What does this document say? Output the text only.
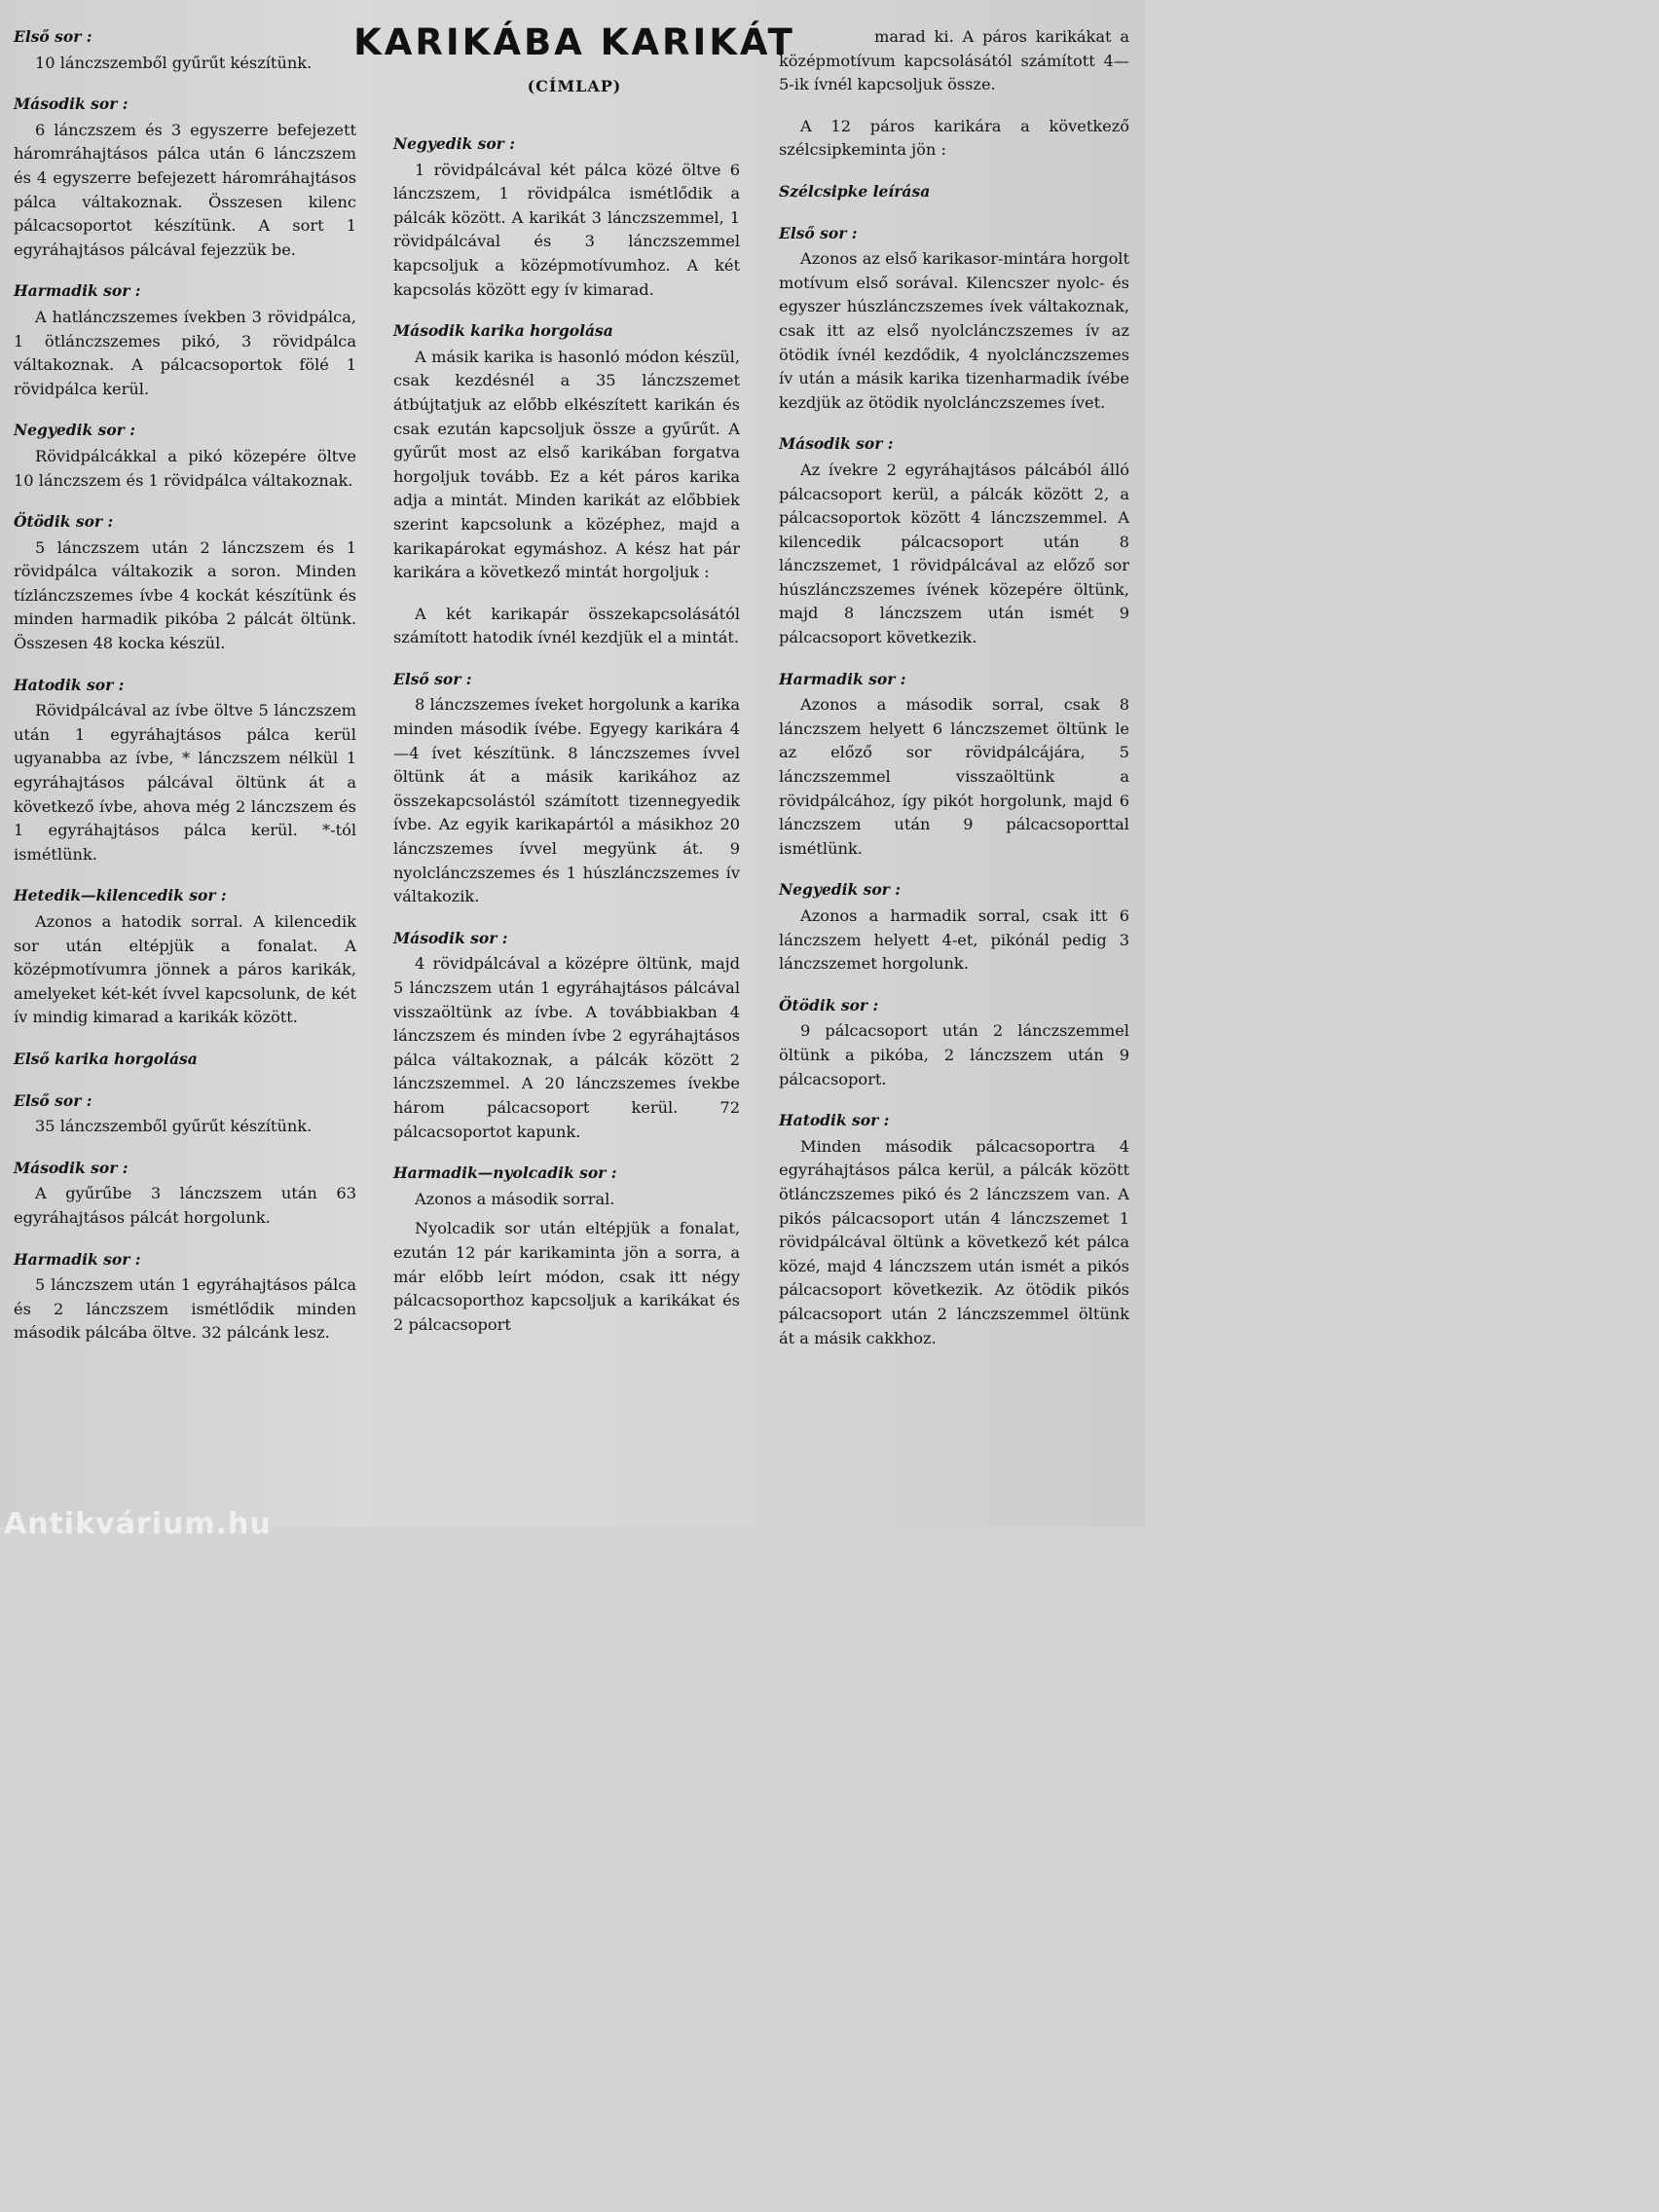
KARIKÁBA KARIKÁT
(CÍMLAP)
Első sor :
10 lánczszemből gyűrűt készítünk.
Második sor :
6 lánczszem és 3 egyszerre befejezett háromráhajtásos pálca után 6 lánczszem és 4 egyszerre befejezett háromráhajtásos pálca váltakoznak. Összesen kilenc pálcacsoportot készítünk. A sort 1 egyráhajtásos pálcával fejezzük be.
Harmadik sor :
A hatlánczszemes ívekben 3 rövidpálca, 1 ötlánczszemes pikó, 3 rövidpálca váltakoznak. A pálcacsoportok fölé 1 rövidpálca kerül.
Negyedik sor :
Rövidpálcákkal a pikó közepére öltve 10 lánczszem és 1 rövidpálca váltakoznak.
Ötödik sor :
5 lánczszem után 2 lánczszem és 1 rövidpálca váltakozik a soron. Minden tízlánczszemes ívbe 4 kockát készítünk és minden harmadik pikóba 2 pálcát öltünk. Összesen 48 kocka készül.
Hatodik sor :
Rövidpálcával az ívbe öltve 5 lánczszem után 1 egyráhajtásos pálca kerül ugyanabba az ívbe, * lánczszem nélkül 1 egyráhajtásos pálcával öltünk át a következő ívbe, ahova még 2 lánczszem és 1 egyráhajtásos pálca kerül. *-tól ismétlünk.
Hetedik—kilencedik sor :
Azonos a hatodik sorral. A kilencedik sor után eltépjük a fonalat. A középmotívumra jönnek a páros karikák, amelyeket két-két ívvel kapcsolunk, de két ív mindig kimarad a karikák között.
Első karika horgolása
Első sor :
35 lánczszemből gyűrűt készítünk.
Második sor :
A gyűrűbe 3 lánczszem után 63 egyráhajtásos pálcát horgolunk.
Harmadik sor :
5 lánczszem után 1 egyráhajtásos pálca és 2 lánczszem ismétlődik minden második pálcába öltve. 32 pálcánk lesz.
Negyedik sor :
1 rövidpálcával két pálca közé öltve 6 lánczszem, 1 rövidpálca ismétlődik a pálcák között. A karikát 3 lánczszemmel, 1 rövidpálcával és 3 lánczszemmel kapcsoljuk a középmotívumhoz. A két kapcsolás között egy ív kimarad.
Második karika horgolása
A másik karika is hasonló módon készül, csak kezdésnél a 35 lánczszemet átbújtatjuk az előbb elkészített karikán és csak ezután kapcsoljuk össze a gyűrűt. A gyűrűt most az első karikában forgatva horgoljuk tovább. Ez a két páros karika adja a mintát. Minden karikát az előbbiek szerint kapcsolunk a középhez, majd a karikapárokat egymáshoz. A kész hat pár karikára a következő mintát horgoljuk :
A két karikapár összekapcsolásától számított hatodik ívnél kezdjük el a mintát.
Első sor :
8 lánczszemes íveket horgolunk a karika minden második ívébe. Egyegy karikára 4—4 ívet készítünk. 8 lánczszemes ívvel öltünk át a másik karikához az összekapcsolástól számított tizennegyedik ívbe. Az egyik karikapártól a másikhoz 20 lánczszemes ívvel megyünk át. 9 nyolclánczszemes és 1 húszlánczszemes ív váltakozik.
Második sor :
4 rövidpálcával a középre öltünk, majd 5 lánczszem után 1 egyráhajtásos pálcával visszaöltünk az ívbe. A továbbiakban 4 lánczszem és minden ívbe 2 egyráhajtásos pálca váltakoznak, a pálcák között 2 lánczszemmel. A 20 lánczszemes ívekbe három pálcacsoport kerül. 72 pálcacsoportot kapunk.
Harmadik—nyolcadik sor :
Azonos a második sorral.
Nyolcadik sor után eltépjük a fonalat, ezután 12 pár karikaminta jön a sorra, a már előbb leírt módon, csak itt négy pálcacsoporthoz kapcsoljuk a karikákat és 2 pálcacsoport
marad ki. A páros karikákat a középmotívum kapcsolásától számított 4—5-ik ívnél kapcsoljuk össze.
A 12 páros karikára a következő szélcsipkeminta jön :
Szélcsipke leírása
Első sor :
Azonos az első karikasor-mintára horgolt motívum első sorával. Kilencszer nyolc- és egyszer húszlánczszemes ívek váltakoznak, csak itt az első nyolclánczszemes ív az ötödik ívnél kezdődik, 4 nyolclánczszemes ív után a másik karika tizenharmadik ívébe kezdjük az ötödik nyolclánczszemes ívet.
Második sor :
Az ívekre 2 egyráhajtásos pálcából álló pálcacsoport kerül, a pálcák között 2, a pálcacsoportok között 4 lánczszemmel. A kilencedik pálcacsoport után 8 lánczszemet, 1 rövidpálcával az előző sor húszlánczszemes ívének közepére öltünk, majd 8 lánczszem után ismét 9 pálcacsoport következik.
Harmadik sor :
Azonos a második sorral, csak 8 lánczszem helyett 6 lánczszemet öltünk le az előző sor rövidpálcájára, 5 lánczszemmel visszaöltünk a rövidpálcához, így pikót horgolunk, majd 6 lánczszem után 9 pálcacsoporttal ismétlünk.
Negyedik sor :
Azonos a harmadik sorral, csak itt 6 lánczszem helyett 4-et, pikónál pedig 3 lánczszemet horgolunk.
Ötödik sor :
9 pálcacsoport után 2 lánczszemmel öltünk a pikóba, 2 lánczszem után 9 pálcacsoport.
Hatodik sor :
Minden második pálcacsoportra 4 egyráhajtásos pálca kerül, a pálcák között ötlánczszemes pikó és 2 lánczszem van. A pikós pálcacsoport után 4 lánczszemet 1 rövidpálcával öltünk a következő két pálca közé, majd 4 lánczszem után ismét a pikós pálcacsoport következik. Az ötödik pikós pálcacsoport után 2 lánczszemmel öltünk át a másik cakkhoz.
Antikvárium.hu
